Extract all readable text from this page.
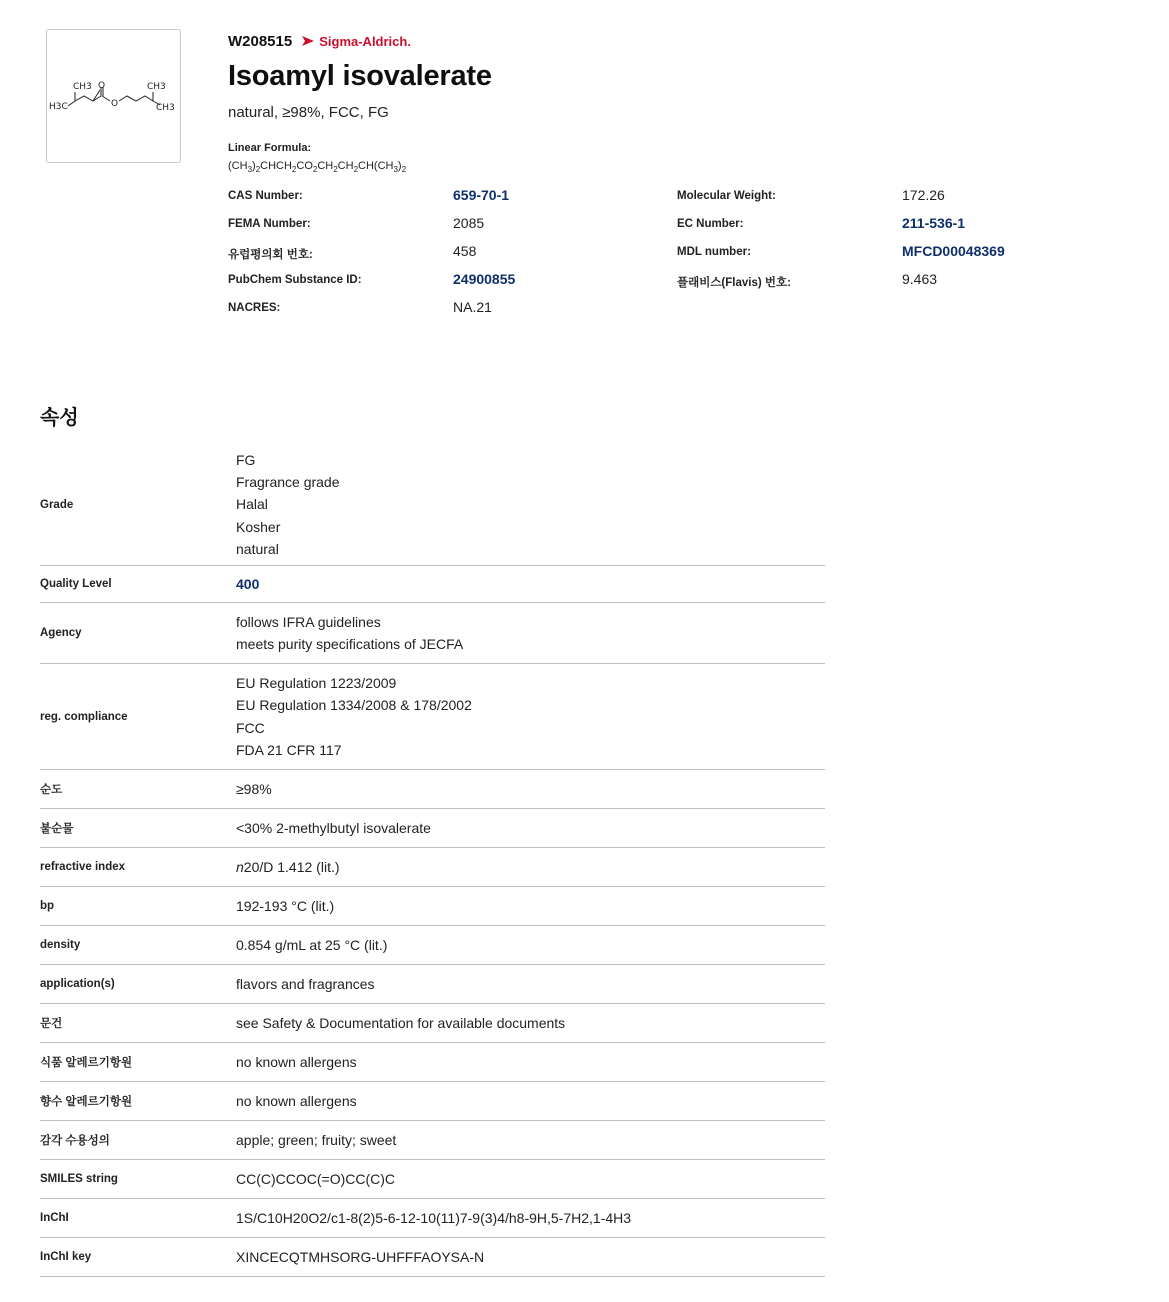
CH3 O	CH3
H3C	O	CH3
W208515 Sigma-Aldrich.
Isoamyl isovalerate
natural, ≥98%, FCC, FG
Linear Formula:
$(CH_3)_2CHCH_2CO_2CH_2CH_2CH(CH_3)_2$
CAS Number:	659-70-1	Molecular Weight:	172.26
FEMA Number:	2085	EC Number:	211-536-1
유럽평의회 번호:	458	MDL number:	MFCD00048369
PubChem Substance ID:	24900855	플래비스(Flavis) 번호:	9.463
NACRES:	NA.21
속성
Grade
FG
Fragrance grade
Halal
Kosher
natural
Quality Level	400
Agency
follows IFRA guidelines
meets purity specifications of JECFA
reg. compliance
EU Regulation 1223/2009
EU Regulation 1334/2008 & 178/2002
FCC
FDA 21 CFR 117
순도	≥98%
불순물	<30% 2-methylbutyl isovalerate
refractive index	n20/D 1.412 (lit.)
bp	192-193 °C (lit.)
density	0.854 g/mL at 25 °C (lit.)
application(s)	flavors and fragrances
문건	see Safety & Documentation for available documents
식품 알레르기항원	no known allergens
향수 알레르기항원	no known allergens
감각 수용성의	apple; green; fruity; sweet
SMILES string	CC(C)CCOC(=O)CC(C)C
InChI	1S/C10H20O2/c1-8(2)5-6-12-10(11)7-9(3)4/h8-9H,5-7H2,1-4H3
InChI key	XINCECQTMHSORG-UHFFFAOYSA-N
